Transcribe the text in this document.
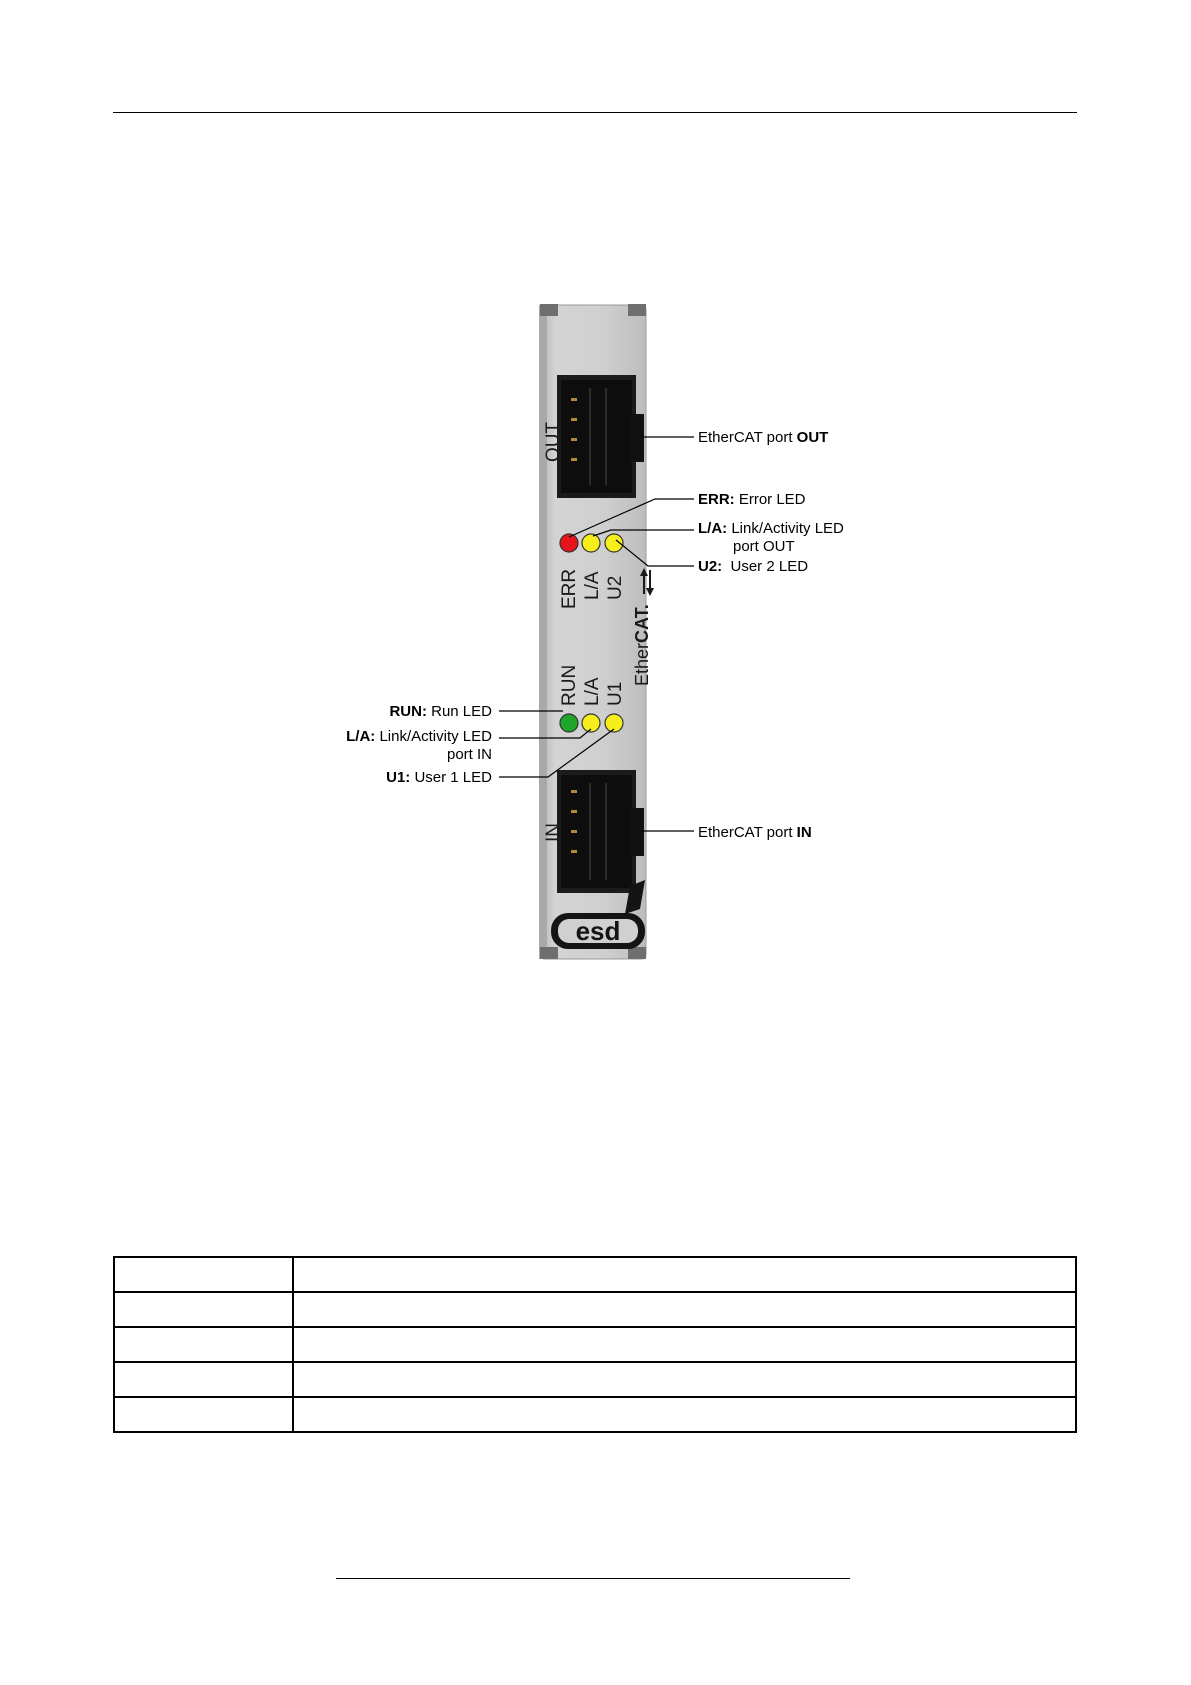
OUT
ERR L/A U2
EtherCAT.
RUN L/A U1
IN
esd
EtherCAT port OUT
ERR: Error LED
L/A: Link/Activity LED
port OUT
U2:  User 2 LED
EtherCAT port IN
RUN: Run LED
L/A: Link/Activity LED
port IN
U1: User 1 LED
